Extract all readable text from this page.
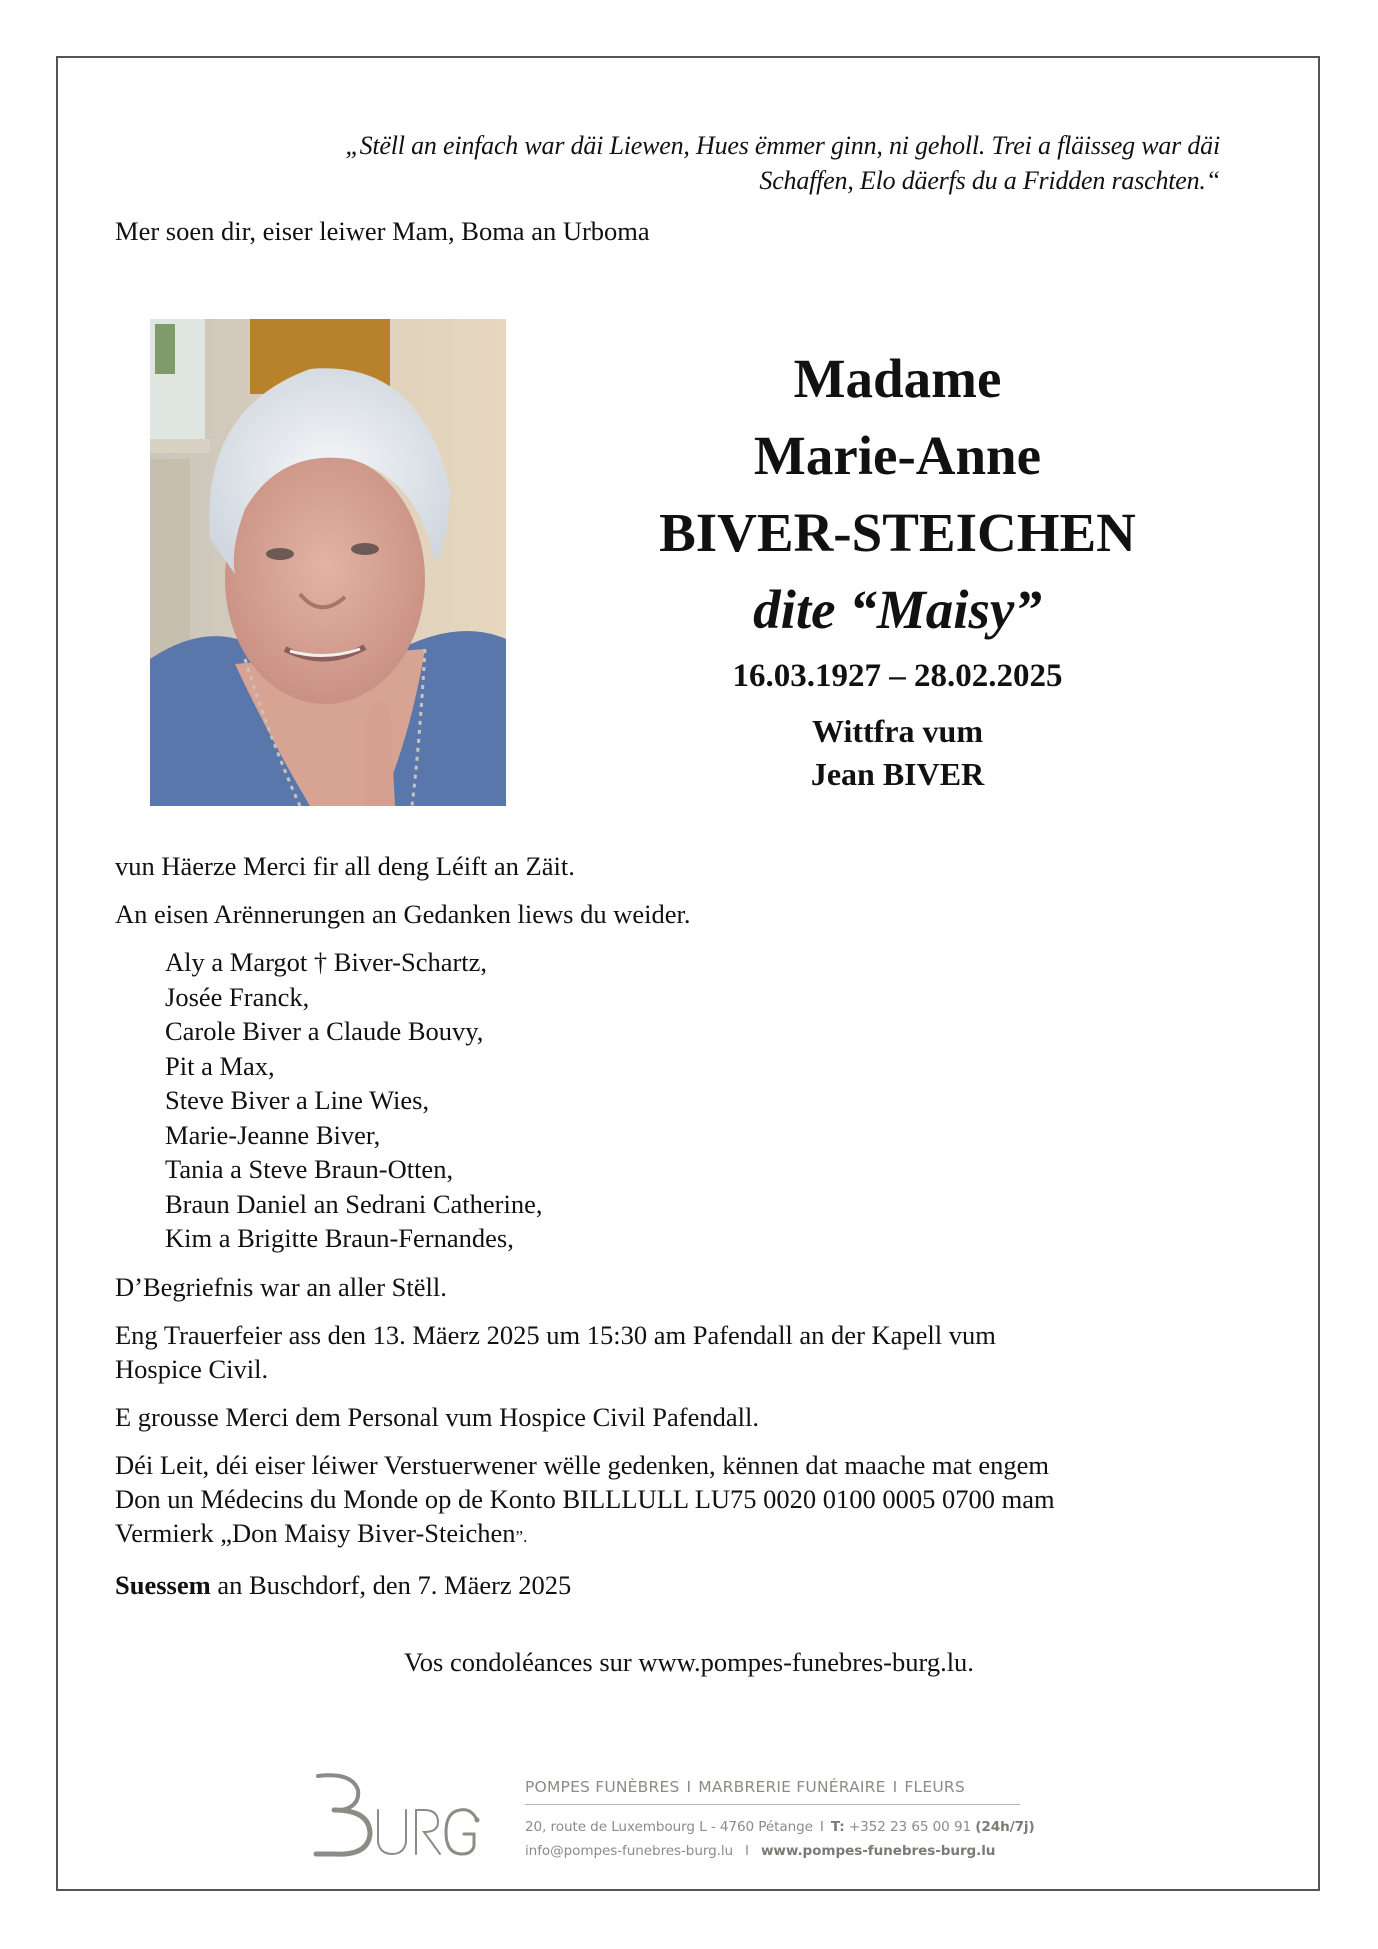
„Stëll an einfach war däi Liewen, Hues ëmmer ginn, ni geholl. Trei a fläisseg war däi
Schaffen, Elo däerfs du a Fridden raschten.“
Mer soen dir, eiser leiwer Mam, Boma an Urboma
Madame
Marie-Anne
BIVER-STEICHEN
dite “Maisy”
16.03.1927 – 28.02.2025
Wittfra vum
Jean BIVER

vun Häerze Merci fir all deng Léift an Zäit.

An eisen Arënnerungen an Gedanken liews du weider.

Aly a Margot † Biver-Schartz,
Josée Franck,
Carole Biver a Claude Bouvy,
Pit a Max,
Steve Biver a Line Wies,
Marie-Jeanne Biver,
Tania a Steve Braun-Otten,
Braun Daniel an Sedrani Catherine,
Kim a Brigitte Braun-Fernandes,

D’Begriefnis war an aller Stëll.

Eng Trauerfeier ass den 13. Mäerz 2025 um 15:30 am Pafendall an der Kapell vum
Hospice Civil.

E grousse Merci dem Personal vum Hospice Civil Pafendall.

Déi Leit, déi eiser léiwer Verstuerwener wëlle gedenken, kënnen dat maache mat engem
Don un Médecins du Monde op de Konto BILLLULL LU75 0020 0100 0005 0700 mam
Vermierk „Don Maisy Biver-Steichen”.

Suessem an Buschdorf, den 7. Mäerz 2025

Vos condoléances sur www.pompes-funebres-burg.lu.
POMPES FUNÈBRES I MARBRERIE FUNÉRAIRE I FLEURS
20, route de Luxembourg L - 4760 Pétange I T: +352 23 65 00 91 (24h/7j)
info@pompes-funebres-burg.lu I www.pompes-funebres-burg.lu
